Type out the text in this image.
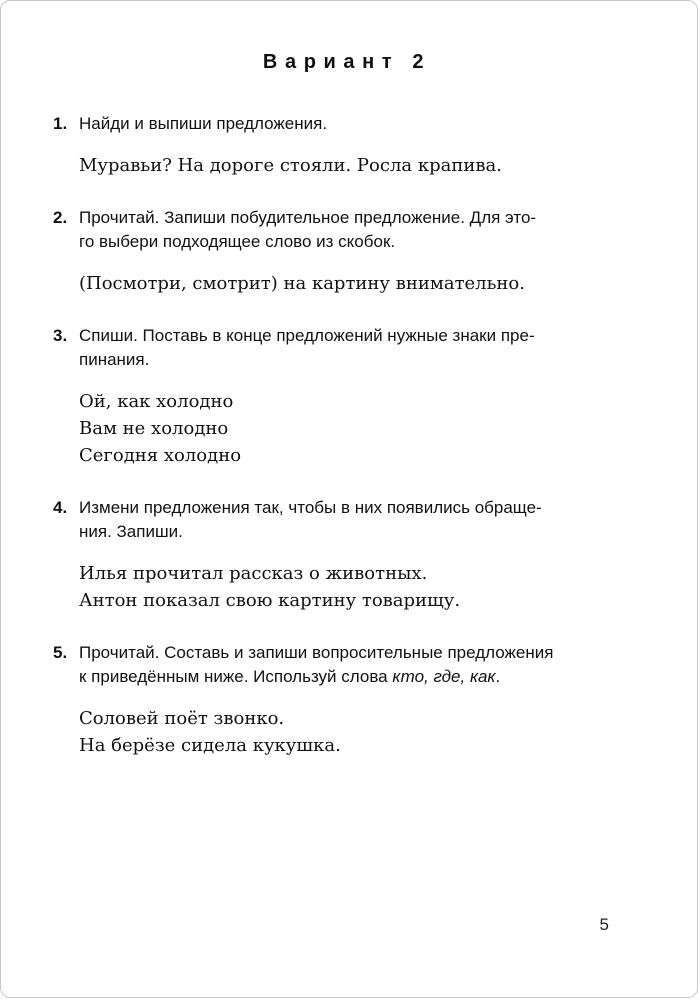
Вариант 2
1. Найди и выпиши предложения.
Муравьи? На дороге стояли. Росла крапива.
2. Прочитай. Запиши побудительное предложение. Для это-
го выбери подходящее слово из скобок.
(Посмотри, смотрит) на картину внимательно.
3. Спиши. Поставь в конце предложений нужные знаки пре-
пинания.
Ой, как холодно
Вам не холодно
Сегодня холодно
4. Измени предложения так, чтобы в них появились обраще-
ния. Запиши.
Илья прочитал рассказ о животных.
Антон показал свою картину товарищу.
5. Прочитай. Составь и запиши вопросительные предложения
к приведённым ниже. Используй слова кто, где, как.
Соловей поёт звонко.
На берёзе сидела кукушка.
5
